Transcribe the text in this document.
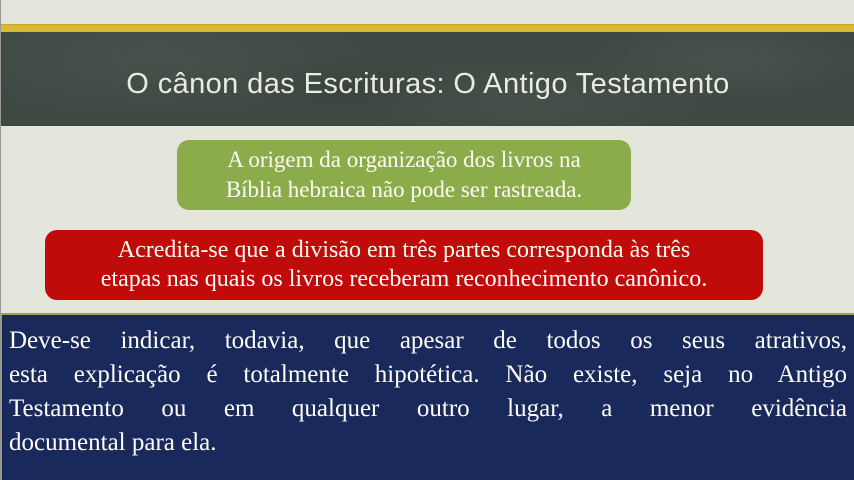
O cânon das Escrituras: O Antigo Testamento
A origem da organização dos livros na
Bíblia hebraica não pode ser rastreada.
Acredita-se que a divisão em três partes corresponda às três
etapas nas quais os livros receberam reconhecimento canônico.

Deve-se indicar, todavia, que apesar de todos os seus atrativos,

esta explicação é totalmente hipotética. Não existe, seja no Antigo

Testamento ou em qualquer outro lugar, a menor evidência

documental para ela.
